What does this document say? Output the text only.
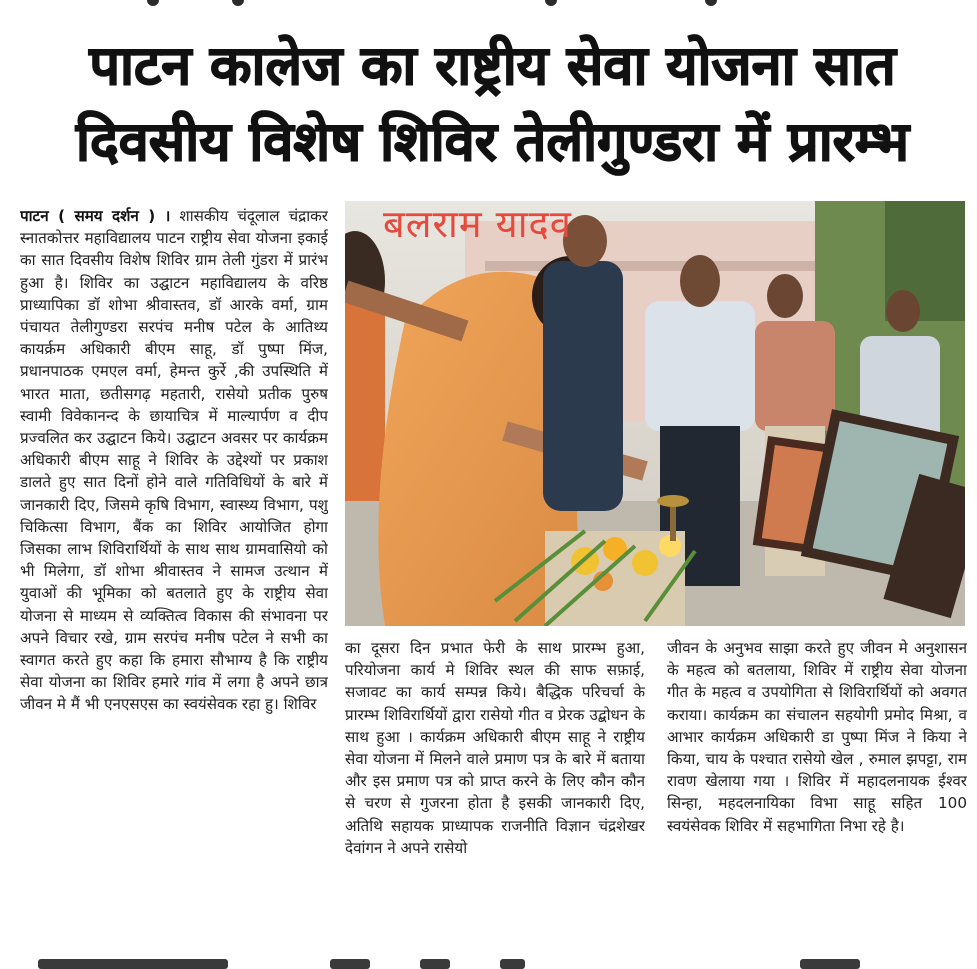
पाटन कालेज का राष्ट्रीय सेवा योजना सात दिवसीय विशेष शिविर तेलीगुण्डरा में प्रारम्भ
पाटन ( समय दर्शन ) । शासकीय चंदूलाल चंद्राकर स्नातकोत्तर महाविद्यालय पाटन राष्ट्रीय सेवा योजना इकाई का सात दिवसीय विशेष शिविर ग्राम तेली गुंडरा में प्रारंभ हुआ है। शिविर का उद्घाटन महाविद्यालय के वरिष्ठ प्राध्यापिका डॉ शोभा श्रीवास्तव, डॉ आरके वर्मा, ग्राम पंचायत तेलीगुण्डरा सरपंच मनीष पटेल के आतिथ्य कायर्क्रम अधिकारी बीएम साहू, डॉ पुष्पा मिंज, प्रधानपाठक एमएल वर्मा, हेमन्त कुर्रे ,की उपस्थिति में भारत माता, छतीसगढ़ महतारी, रासेयो प्रतीक पुरुष स्वामी विवेकानन्द के छायाचित्र में माल्यार्पण व दीप प्रज्वलित कर उद्घाटन किये। उद्घाटन अवसर पर कार्यक्रम अधिकारी बीएम साहू ने शिविर के उद्देश्यों पर प्रकाश डालते हुए सात दिनों होने वाले गतिविधियों के बारे में जानकारी दिए, जिसमे कृषि विभाग, स्वास्थ्य विभाग, पशु चिकित्सा विभाग, बैंक का शिविर आयोजित होगा जिसका लाभ शिविरार्थियों के साथ साथ ग्रामवासियो को भी मिलेगा, डॉ शोभा श्रीवास्तव ने सामज उत्थान में युवाओं की भूमिका को बतलाते हुए के राष्ट्रीय सेवा योजना से माध्यम से व्यक्तित्व विकास की संभावना पर अपने विचार रखे, ग्राम सरपंच मनीष पटेल ने सभी का स्वागत करते हुए कहा कि हमारा सौभाग्य है कि राष्ट्रीय सेवा योजना का शिविर हमारे गांव में लगा है अपने छात्र जीवन मे मैं भी एनएसएस का स्वयंसेवक रहा हु। शिविर
बलराम यादव
का दूसरा दिन प्रभात फेरी के साथ प्रारम्भ हुआ, परियोजना कार्य मे शिविर स्थल की साफ सफ़ाई, सजावट का कार्य सम्पन्न किये। बैद्धिक परिचर्चा के प्रारम्भ शिविरार्थियों द्वारा रासेयो गीत व प्रेरक उद्बोधन के साथ हुआ । कार्यक्रम अधिकारी बीएम साहू ने राष्ट्रीय सेवा योजना में मिलने वाले प्रमाण पत्र के बारे में बताया और इस प्रमाण पत्र को प्राप्त करने के लिए कौन कौन से चरण से गुजरना होता है इसकी जानकारी दिए, अतिथि सहायक प्राध्यापक राजनीति विज्ञान चंद्रशेखर देवांगन ने अपने रासेयो
जीवन के अनुभव साझा करते हुए जीवन मे अनुशासन के महत्व को बतलाया, शिविर में राष्ट्रीय सेवा योजना गीत के महत्व व उपयोगिता से शिविरार्थियों को अवगत कराया। कार्यक्रम का संचालन सहयोगी प्रमोद मिश्रा, व आभार कार्यक्रम अधिकारी डा पुष्पा मिंज ने किया ने किया, चाय के पश्चात रासेयो खेल , रुमाल झपट्टा, राम रावण खेलाया गया । शिविर में महादलनायक ईश्वर सिन्हा, महदलनायिका विभा साहू सहित 100 स्वयंसेवक शिविर में सहभागिता निभा रहे है।
